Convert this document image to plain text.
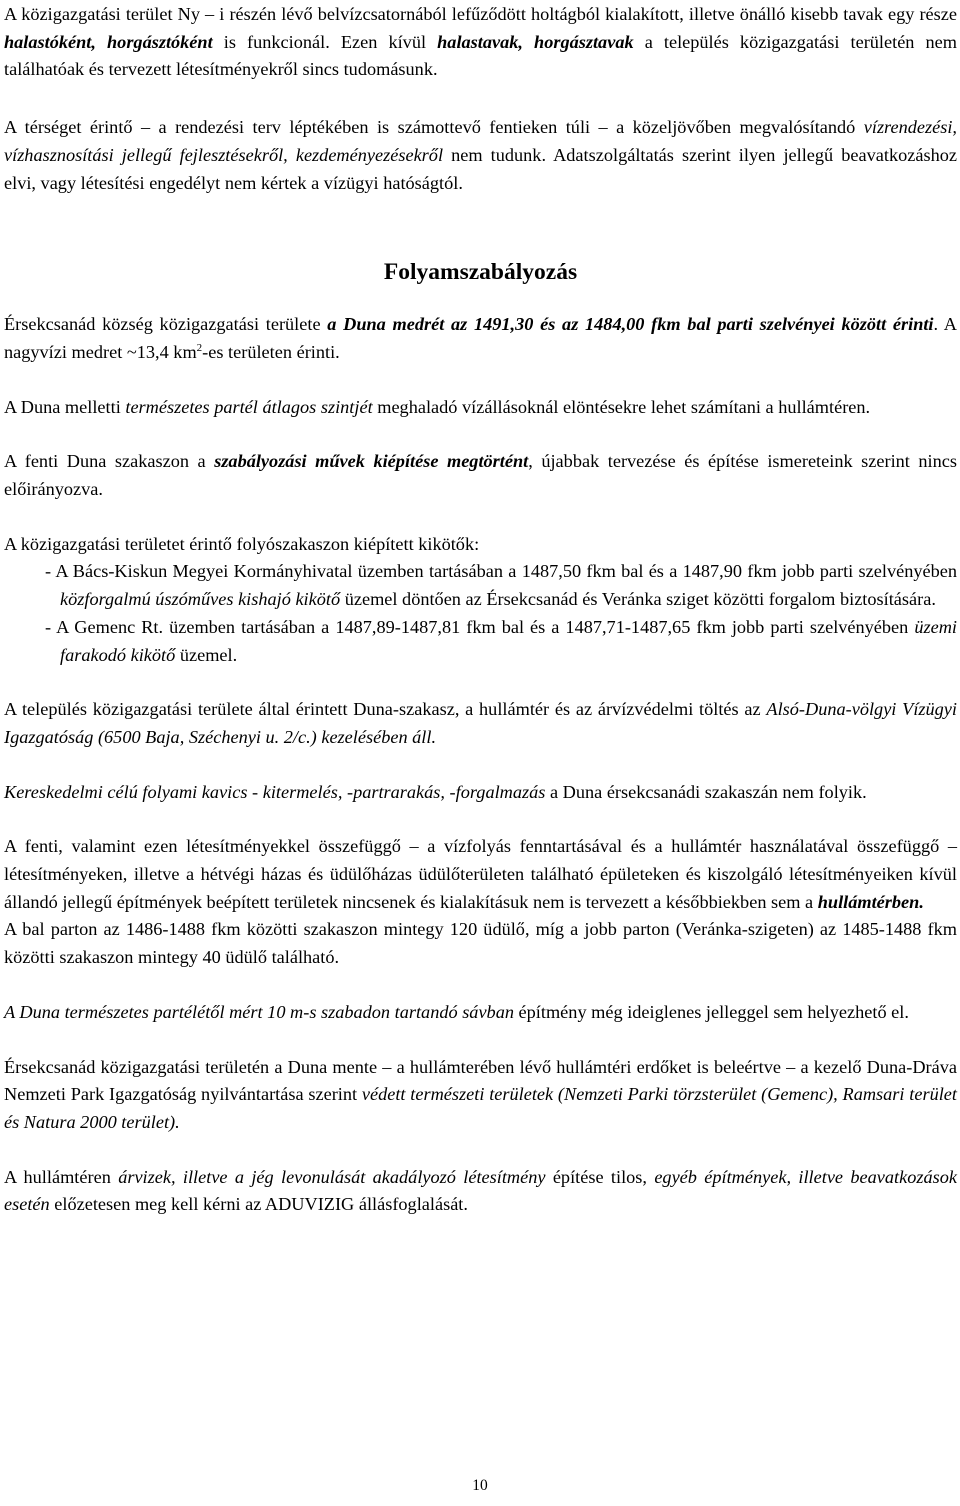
A közigazgatási terület Ny – i részén lévő belvízcsatornából lefűződött holtágból kialakított, illetve önálló kisebb tavak egy része halastóként, horgásztóként is funkcionál. Ezen kívül halastavak, horgásztavak a település közigazgatási területén nem találhatóak és tervezett létesítményekről sincs tudomásunk.

A térséget érintő – a rendezési terv léptékében is számottevő fentieken túli – a közeljövőben megvalósítandó vízrendezési, vízhasznosítási jellegű fejlesztésekről, kezdeményezésekről nem tudunk. Adatszolgáltatás szerint ilyen jellegű beavatkozáshoz elvi, vagy létesítési engedélyt nem kértek a vízügyi hatóságtól.

Folyamszabályozás

Érsekcsanád község közigazgatási területe a Duna medrét az 1491,30 és az 1484,00 fkm bal parti szelvényei között érinti. A nagyvízi medret ~13,4 $km^2-es$ területen érinti.

A Duna melletti természetes partél átlagos szintjét meghaladó vízállásoknál elöntésekre lehet számítani a hullámtéren.

A fenti Duna szakaszon a szabályozási művek kiépítése megtörtént, újabbak tervezése és építése ismereteink szerint nincs előirányozva.

A közigazgatási területet érintő folyószakaszon kiépített kikötők:

- A Bács-Kiskun Megyei Kormányhivatal üzemben tartásában a 1487,50 fkm bal és a 1487,90 fkm jobb parti szelvényében közforgalmú úszóműves kishajó kikötő üzemel döntően az Érsekcsanád és Veránka sziget közötti forgalom biztosítására.
- A Gemenc Rt. üzemben tartásában a 1487,89-1487,81 fkm bal és a 1487,71-1487,65 fkm jobb parti szelvényében üzemi farakodó kikötő üzemel.

A település közigazgatási területe által érintett Duna-szakasz, a hullámtér és az árvízvédelmi töltés az Alsó-Duna-völgyi Vízügyi Igazgatóság (6500 Baja, Széchenyi u. 2/c.) kezelésében áll.

Kereskedelmi célú folyami kavics - kitermelés, -partrarakás, -forgalmazás a Duna érsekcsanádi szakaszán nem folyik.

A fenti, valamint ezen létesítményekkel összefüggő – a vízfolyás fenntartásával és a hullámtér használatával összefüggő – létesítményeken, illetve a hétvégi házas és üdülőházas üdülőterületen található épületeken és kiszolgáló létesítményeiken kívül állandó jellegű építmények beépített területek nincsenek és kialakításuk nem is tervezett a későbbiekben sem a hullámtérben.

A bal parton az 1486-1488 fkm közötti szakaszon mintegy 120 üdülő, míg a jobb parton (Veránka-szigeten) az 1485-1488 fkm közötti szakaszon mintegy 40 üdülő található.

A Duna természetes partélétől mért 10 m-s szabadon tartandó sávban építmény még ideiglenes jelleggel sem helyezhető el.

Érsekcsanád közigazgatási területén a Duna mente – a hullámterében lévő hullámtéri erdőket is beleértve – a kezelő Duna-Dráva Nemzeti Park Igazgatóság nyilvántartása szerint védett természeti területek (Nemzeti Parki törzsterület (Gemenc), Ramsari terület és Natura 2000 terület).

A hullámtéren árvizek, illetve a jég levonulását akadályozó létesítmény építése tilos, egyéb építmények, illetve beavatkozások esetén előzetesen meg kell kérni az ADUVIZIG állásfoglalását.

10
